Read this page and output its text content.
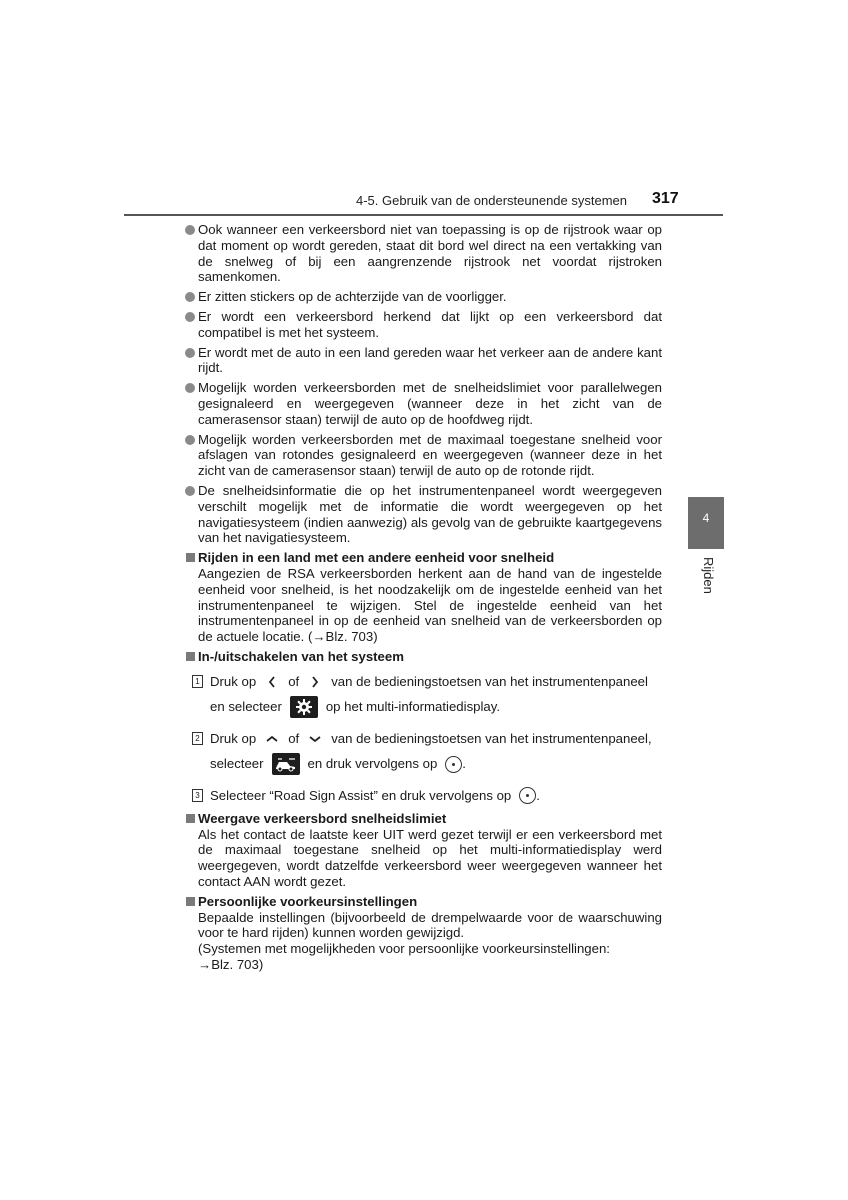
4-5. Gebruik van de ondersteunende systemen 317
4
Rijden
Ook wanneer een verkeersbord niet van toepassing is op de rijstrook waar op dat moment op wordt gereden, staat dit bord wel direct na een vertakking van de snelweg of bij een aangrenzende rijstrook net voordat rijstroken samenkomen.
Er zitten stickers op de achterzijde van de voorligger.
Er wordt een verkeersbord herkend dat lijkt op een verkeersbord dat compatibel is met het systeem.
Er wordt met de auto in een land gereden waar het verkeer aan de andere kant rijdt.
Mogelijk worden verkeersborden met de snelheidslimiet voor parallelwegen gesignaleerd en weergegeven (wanneer deze in het zicht van de camerasensor staan) terwijl de auto op de hoofdweg rijdt.
Mogelijk worden verkeersborden met de maximaal toegestane snelheid voor afslagen van rotondes gesignaleerd en weergegeven (wanneer deze in het zicht van de camerasensor staan) terwijl de auto op de rotonde rijdt.
De snelheidsinformatie die op het instrumentenpaneel wordt weergegeven verschilt mogelijk met de informatie die wordt weergegeven op het navigatiesysteem (indien aanwezig) als gevolg van de gebruikte kaartgegevens van het navigatiesysteem.
Rijden in een land met een andere eenheid voor snelheid
Aangezien de RSA verkeersborden herkent aan de hand van de ingestelde eenheid voor snelheid, is het noodzakelijk om de ingestelde eenheid van het instrumentenpaneel te wijzigen. Stel de ingestelde eenheid van het instrumentenpaneel in op de eenheid van snelheid van de verkeersborden op de actuele locatie. (→Blz. 703)
In-/uitschakelen van het systeem
1 Druk op of van de bedieningstoetsen van het instrumentenpaneel
en selecteer	op het multi-informatiedisplay.
2 Druk op of van de bedieningstoetsen van het instrumentenpaneel,
selecteer	en druk vervolgens op .
3 Selecteer “Road Sign Assist” en druk vervolgens op .
Weergave verkeersbord snelheidslimiet
Als het contact de laatste keer UIT werd gezet terwijl er een verkeersbord met de maximaal toegestane snelheid op het multi-informatiedisplay werd weergegeven, wordt datzelfde verkeersbord weer weergegeven wanneer het contact AAN wordt gezet.
Persoonlijke voorkeursinstellingen
Bepaalde instellingen (bijvoorbeeld de drempelwaarde voor de waarschuwing voor te hard rijden) kunnen worden gewijzigd.
(Systemen met mogelijkheden voor persoonlijke voorkeursinstellingen:
→Blz. 703)
